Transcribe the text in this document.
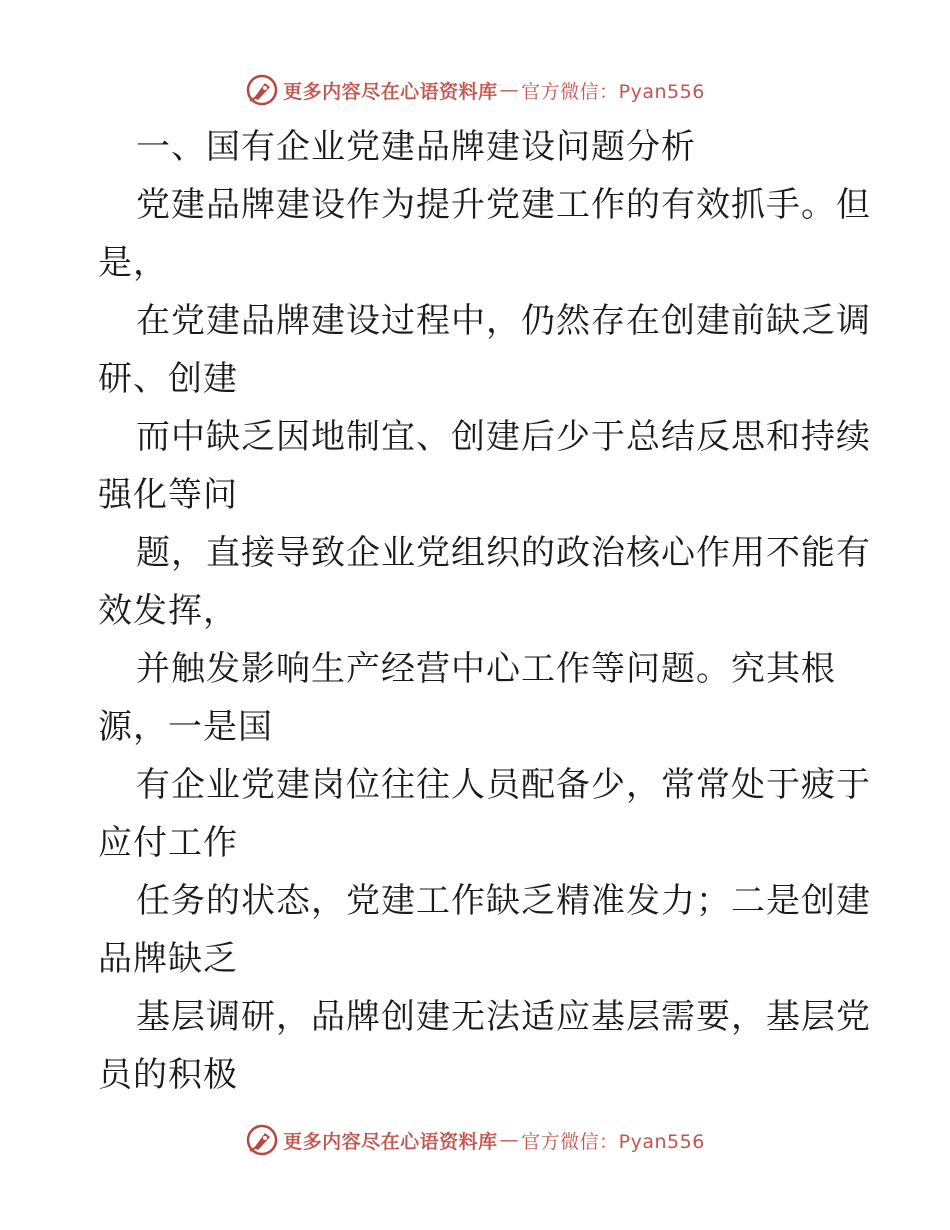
更多内容尽在心语资料库 — 官方微信：Pyan556
一、国有企业党建品牌建设问题分析
党建品牌建设作为提升党建工作的有效抓手。但
是，
在党建品牌建设过程中，仍然存在创建前缺乏调
研、创建
而中缺乏因地制宜、创建后少于总结反思和持续
强化等问
题，直接导致企业党组织的政治核心作用不能有
效发挥，
并触发影响生产经营中心工作等问题。究其根
源，一是国
有企业党建岗位往往人员配备少，常常处于疲于
应付工作
任务的状态，党建工作缺乏精准发力；二是创建
品牌缺乏
基层调研，品牌创建无法适应基层需要，基层党
员的积极
更多内容尽在心语资料库 — 官方微信：Pyan556
